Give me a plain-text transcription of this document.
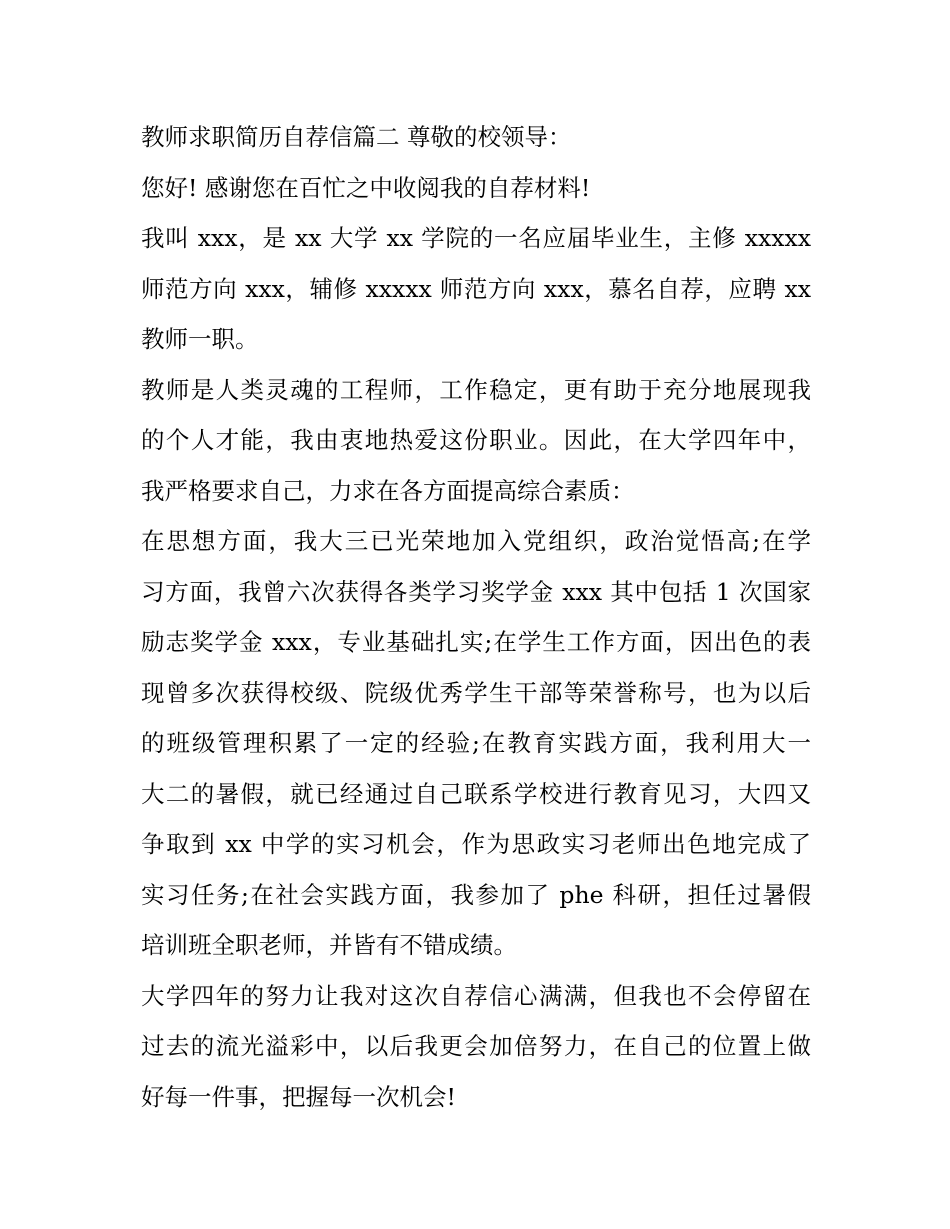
教师求职简历自荐信篇二 尊敬的校领导：
您好! 感谢您在百忙之中收阅我的自荐材料!
我叫 xxx，是 xx 大学 xx 学院的一名应届毕业生，主修 xxxxx
师范方向 xxx，辅修 xxxxx 师范方向 xxx，慕名自荐，应聘 xx
教师一职。
教师是人类灵魂的工程师，工作稳定，更有助于充分地展现我
的个人才能，我由衷地热爱这份职业。因此，在大学四年中，
我严格要求自己，力求在各方面提高综合素质：
在思想方面，我大三已光荣地加入党组织，政治觉悟高;在学
习方面，我曾六次获得各类学习奖学金 xxx 其中包括 1 次国家
励志奖学金 xxx，专业基础扎实;在学生工作方面，因出色的表
现曾多次获得校级、院级优秀学生干部等荣誉称号，也为以后
的班级管理积累了一定的经验;在教育实践方面，我利用大一
大二的暑假，就已经通过自己联系学校进行教育见习，大四又
争取到 xx 中学的实习机会，作为思政实习老师出色地完成了
实习任务;在社会实践方面，我参加了 phe 科研，担任过暑假
培训班全职老师，并皆有不错成绩。
大学四年的努力让我对这次自荐信心满满，但我也不会停留在
过去的流光溢彩中，以后我更会加倍努力，在自己的位置上做
好每一件事，把握每一次机会!
